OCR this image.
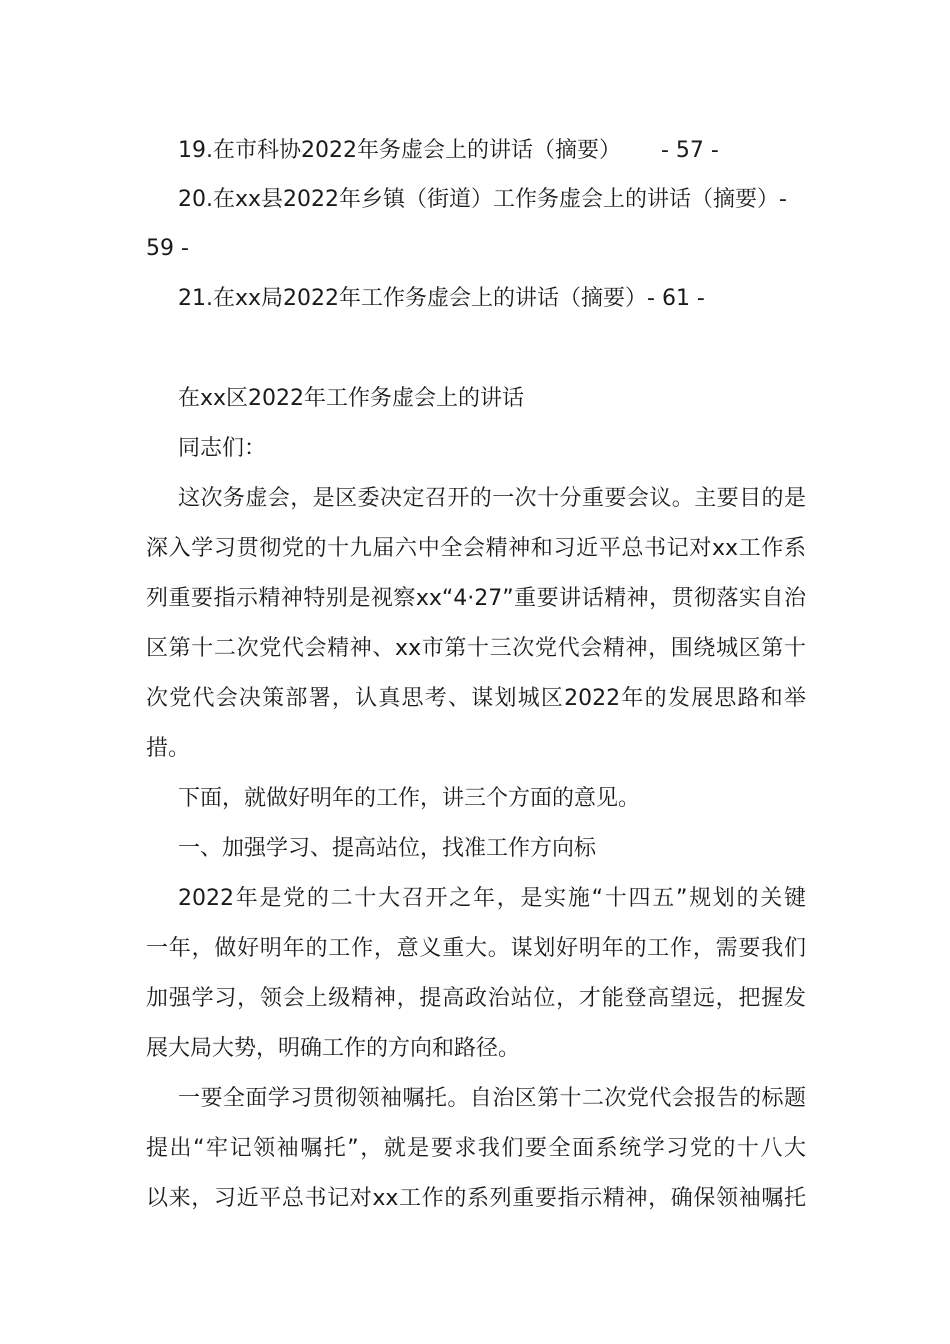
19.在市科协2022年务虚会上的讲话（摘要） - 57 -
20.在xx县2022年乡镇（街道）工作务虚会上的讲话（摘要）-
59 -
21.在xx局2022年工作务虚会上的讲话（摘要）- 61 -
在xx区2022年工作务虚会上的讲话
同志们：
这次务虚会，是区委决定召开的一次十分重要会议。主要目的是
深入学习贯彻党的十九届六中全会精神和习近平总书记对xx工作系
列重要指示精神特别是视察xx“4·27”重要讲话精神，贯彻落实自治
区第十二次党代会精神、xx市第十三次党代会精神，围绕城区第十
次党代会决策部署，认真思考、谋划城区2022年的发展思路和举
措。
下面，就做好明年的工作，讲三个方面的意见。
一、加强学习、提高站位，找准工作方向标
2022年是党的二十大召开之年，是实施“十四五”规划的关键
一年，做好明年的工作，意义重大。谋划好明年的工作，需要我们
加强学习，领会上级精神，提高政治站位，才能登高望远，把握发
展大局大势，明确工作的方向和路径。
一要全面学习贯彻领袖嘱托。自治区第十二次党代会报告的标题
提出“牢记领袖嘱托”，就是要求我们要全面系统学习党的十八大
以来，习近平总书记对xx工作的系列重要指示精神，确保领袖嘱托
